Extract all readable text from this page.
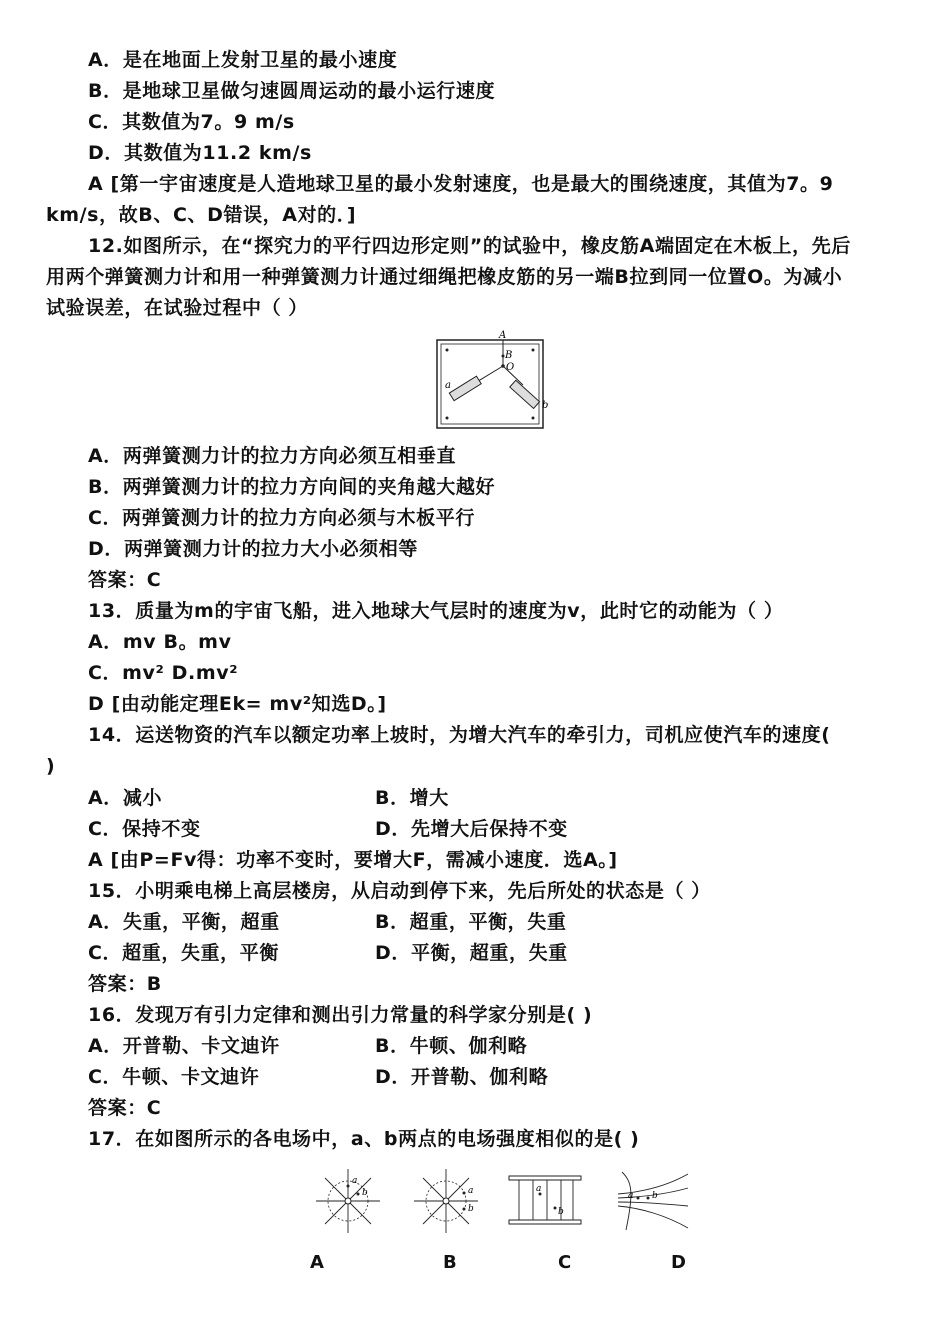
A．是在地面上发射卫星的最小速度
B．是地球卫星做匀速圆周运动的最小运行速度
C．其数值为7。9 m/s
D．其数值为11.2 km/s
A [第一宇宙速度是人造地球卫星的最小发射速度，也是最大的围绕速度，其值为7。9
km/s，故B、C、D错误，A对的．]
12.如图所示，在“探究力的平行四边形定则”的试验中，橡皮筋A端固定在木板上，先后
用两个弹簧测力计和用一种弹簧测力计通过细绳把橡皮筋的另一端B拉到同一位置O。为减小
试验误差，在试验过程中（ ）
A
B
O
a
b
A．两弹簧测力计的拉力方向必须互相垂直
B．两弹簧测力计的拉力方向间的夹角越大越好
C．两弹簧测力计的拉力方向必须与木板平行
D．两弹簧测力计的拉力大小必须相等
答案：C
13．质量为m的宇宙飞船，进入地球大气层时的速度为v，此时它的动能为（ ）
A．mv B。mv
C．mv² D.mv²
D [由动能定理Ek= mv²知选D。]
14．运送物资的汽车以额定功率上坡时，为增大汽车的牵引力，司机应使汽车的速度(
)
A．减小	B．增大
C．保持不变	D．先增大后保持不变
A [由P=Fv得：功率不变时，要增大F，需减小速度．选A。]
15．小明乘电梯上高层楼房，从启动到停下来，先后所处的状态是（ ）
A．失重，平衡，超重	B．超重，平衡，失重
C．超重，失重，平衡	D．平衡，超重，失重
答案：B
16．发现万有引力定律和测出引力常量的科学家分别是( )
A．开普勒、卡文迪许	B．牛顿、伽利略
C．牛顿、卡文迪许	D．开普勒、伽利略
答案：C
17．在如图所示的各电场中，a、b两点的电场强度相似的是( )
a
b	a
b
a
b
a b
A	B	C	D
